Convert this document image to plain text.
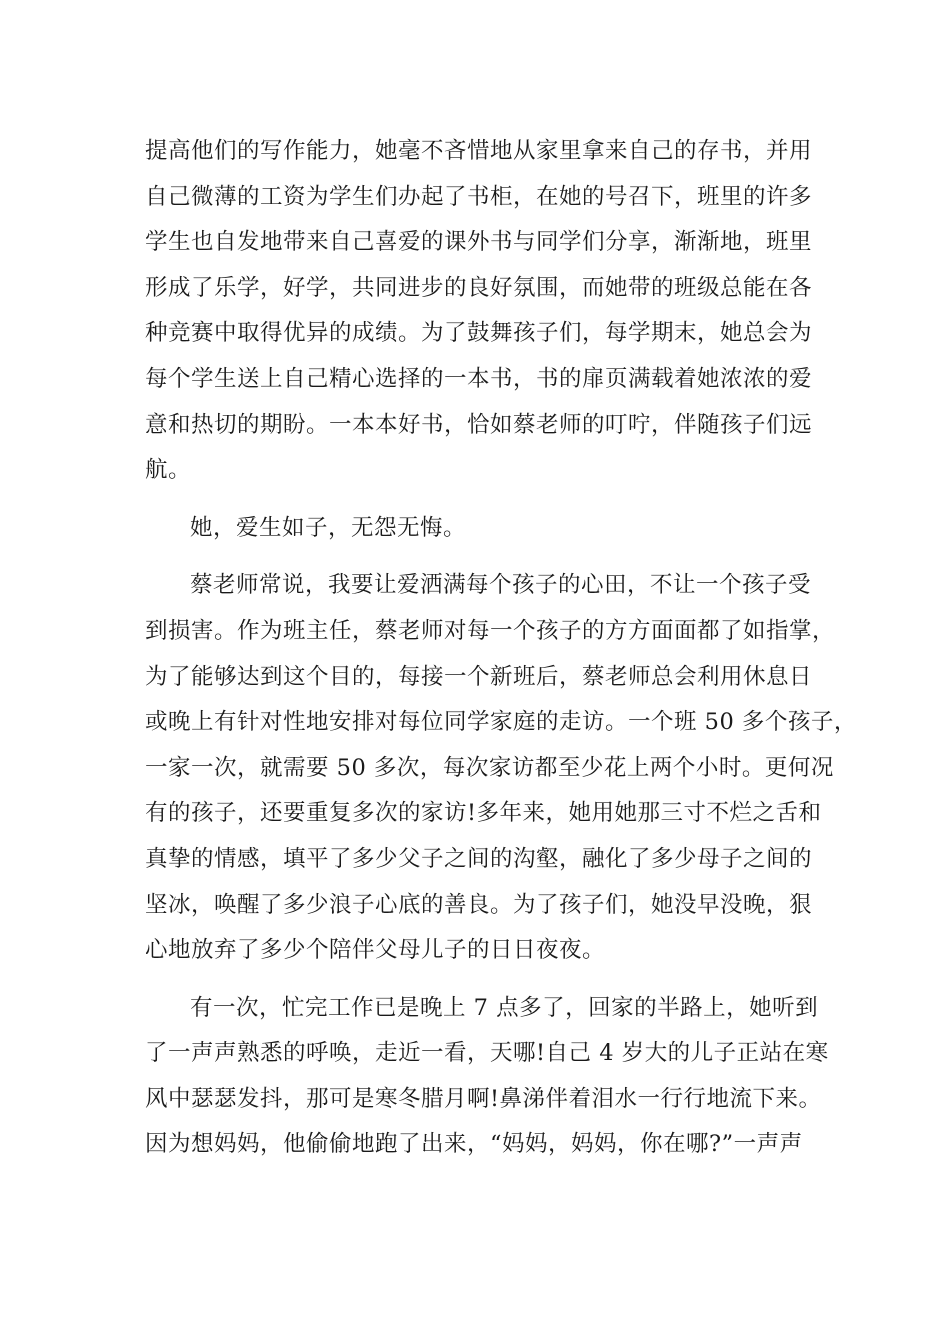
提高他们的写作能力，她毫不吝惜地从家里拿来自己的存书，并用
自己微薄的工资为学生们办起了书柜，在她的号召下，班里的许多
学生也自发地带来自己喜爱的课外书与同学们分享，渐渐地，班里
形成了乐学，好学，共同进步的良好氛围，而她带的班级总能在各
种竞赛中取得优异的成绩。为了鼓舞孩子们，每学期末，她总会为
每个学生送上自己精心选择的一本书，书的扉页满载着她浓浓的爱
意和热切的期盼。一本本好书，恰如蔡老师的叮咛，伴随孩子们远
航。
她，爱生如子，无怨无悔。
蔡老师常说，我要让爱洒满每个孩子的心田，不让一个孩子受
到损害。作为班主任，蔡老师对每一个孩子的方方面面都了如指掌，
为了能够达到这个目的，每接一个新班后，蔡老师总会利用休息日
或晚上有针对性地安排对每位同学家庭的走访。一个班 50 多个孩子，
一家一次，就需要 50 多次，每次家访都至少花上两个小时。更何况
有的孩子，还要重复多次的家访!多年来，她用她那三寸不烂之舌和
真挚的情感，填平了多少父子之间的沟壑，融化了多少母子之间的
坚冰，唤醒了多少浪子心底的善良。为了孩子们，她没早没晚，狠
心地放弃了多少个陪伴父母儿子的日日夜夜。
有一次，忙完工作已是晚上 7 点多了，回家的半路上，她听到
了一声声熟悉的呼唤，走近一看，天哪!自己 4 岁大的儿子正站在寒
风中瑟瑟发抖，那可是寒冬腊月啊!鼻涕伴着泪水一行行地流下来。
因为想妈妈，他偷偷地跑了出来，“妈妈，妈妈，你在哪?”一声声
